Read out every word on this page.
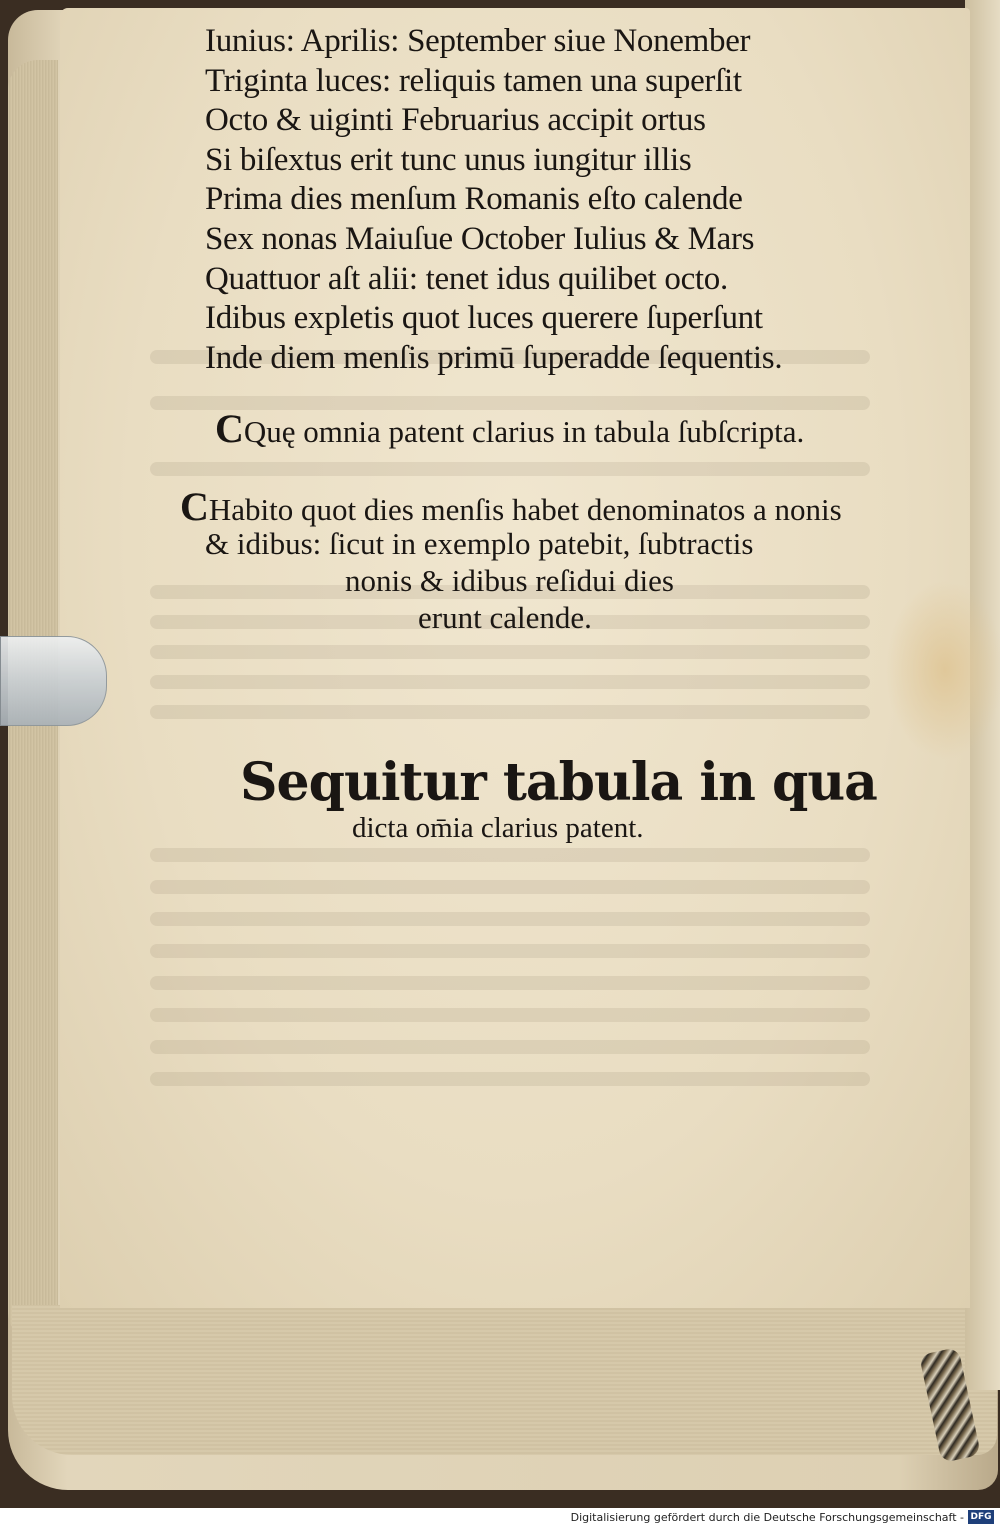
Iunius: Aprilis: September siue Nonember
Triginta luces: reliquis tamen una superſit
Octo & uiginti Februarius accipit ortus
Si biſextus erit tunc unus iungitur illis
Prima dies menſum Romanis eſto calende
Sex nonas Maiuſue October Iulius & Mars
Quattuor aſt alii: tenet idus quilibet octo.
Idibus expletis quot luces querere ſuperſunt
Inde diem menſis primū ſuperadde ſequentis.
CQuę omnia patent clarius in tabula ſubſcripta.
CHabito quot dies menſis habet denominatos a nonis
& idibus: ſicut in exemplo patebit, ſubtractis
nonis & idibus reſidui dies
erunt calende.
Sequitur tabula in qua
dicta om̄ia clarius patent.
Digitalisierung gefördert durch die Deutsche Forschungsgemeinschaft - DFG
